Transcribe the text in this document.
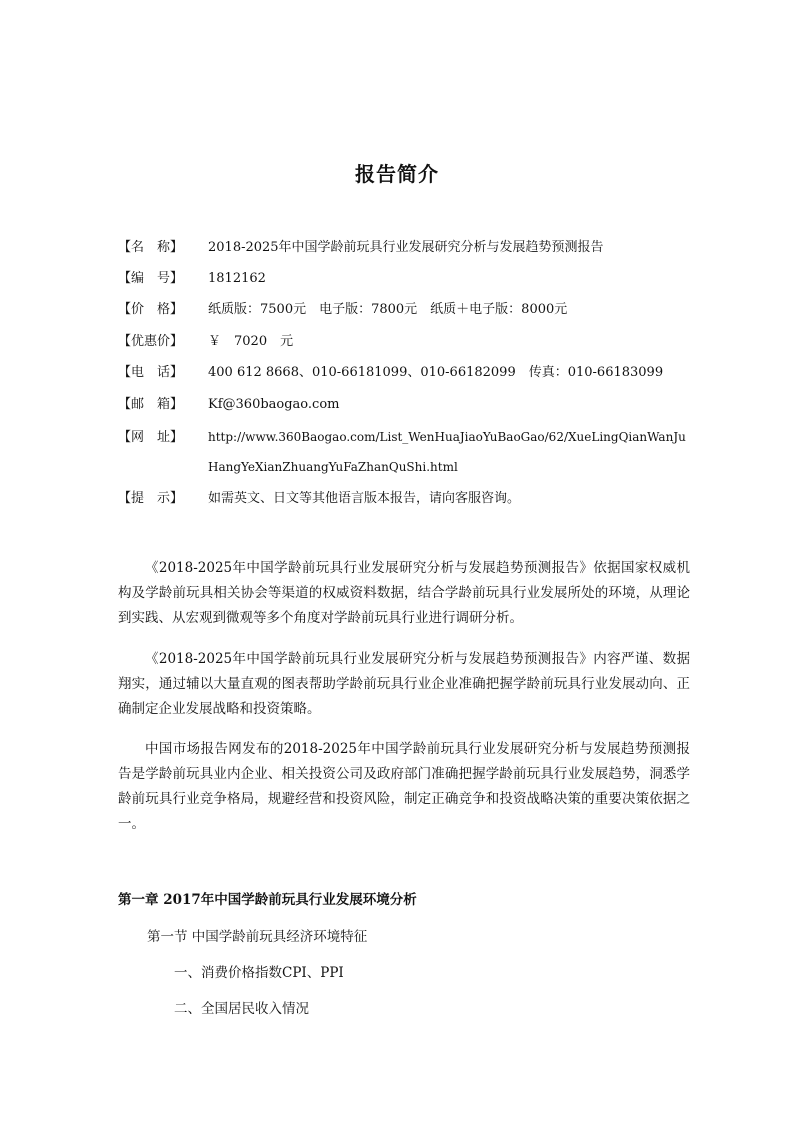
报告简介
【名　称】 2018-2025年中国学龄前玩具行业发展研究分析与发展趋势预测报告
【编　号】 1812162
【价　格】 纸质版：7500元　电子版：7800元　纸质＋电子版：8000元
【优惠价】 ￥　7020　元
【电　话】 400 612 8668、010-66181099、010-66182099　传真：010-66183099
【邮　箱】 Kf@360baogao.com
【网　址】 http://www.360Baogao.com/List_WenHuaJiaoYuBaoGao/62/XueLingQianWanJu
HangYeXianZhuangYuFaZhanQuShi.html
【提　示】 如需英文、日文等其他语言版本报告，请向客服咨询。
《2018-2025年中国学龄前玩具行业发展研究分析与发展趋势预测报告》依据国家权威机构及学龄前玩具相关协会等渠道的权威资料数据，结合学龄前玩具行业发展所处的环境，从理论到实践、从宏观到微观等多个角度对学龄前玩具行业进行调研分析。
《2018-2025年中国学龄前玩具行业发展研究分析与发展趋势预测报告》内容严谨、数据翔实，通过辅以大量直观的图表帮助学龄前玩具行业企业准确把握学龄前玩具行业发展动向、正确制定企业发展战略和投资策略。
中国市场报告网发布的2018-2025年中国学龄前玩具行业发展研究分析与发展趋势预测报告是学龄前玩具业内企业、相关投资公司及政府部门准确把握学龄前玩具行业发展趋势，洞悉学龄前玩具行业竞争格局，规避经营和投资风险，制定正确竞争和投资战略决策的重要决策依据之一。
第一章 2017年中国学龄前玩具行业发展环境分析
第一节 中国学龄前玩具经济环境特征
一、消费价格指数CPI、PPI
二、全国居民收入情况
